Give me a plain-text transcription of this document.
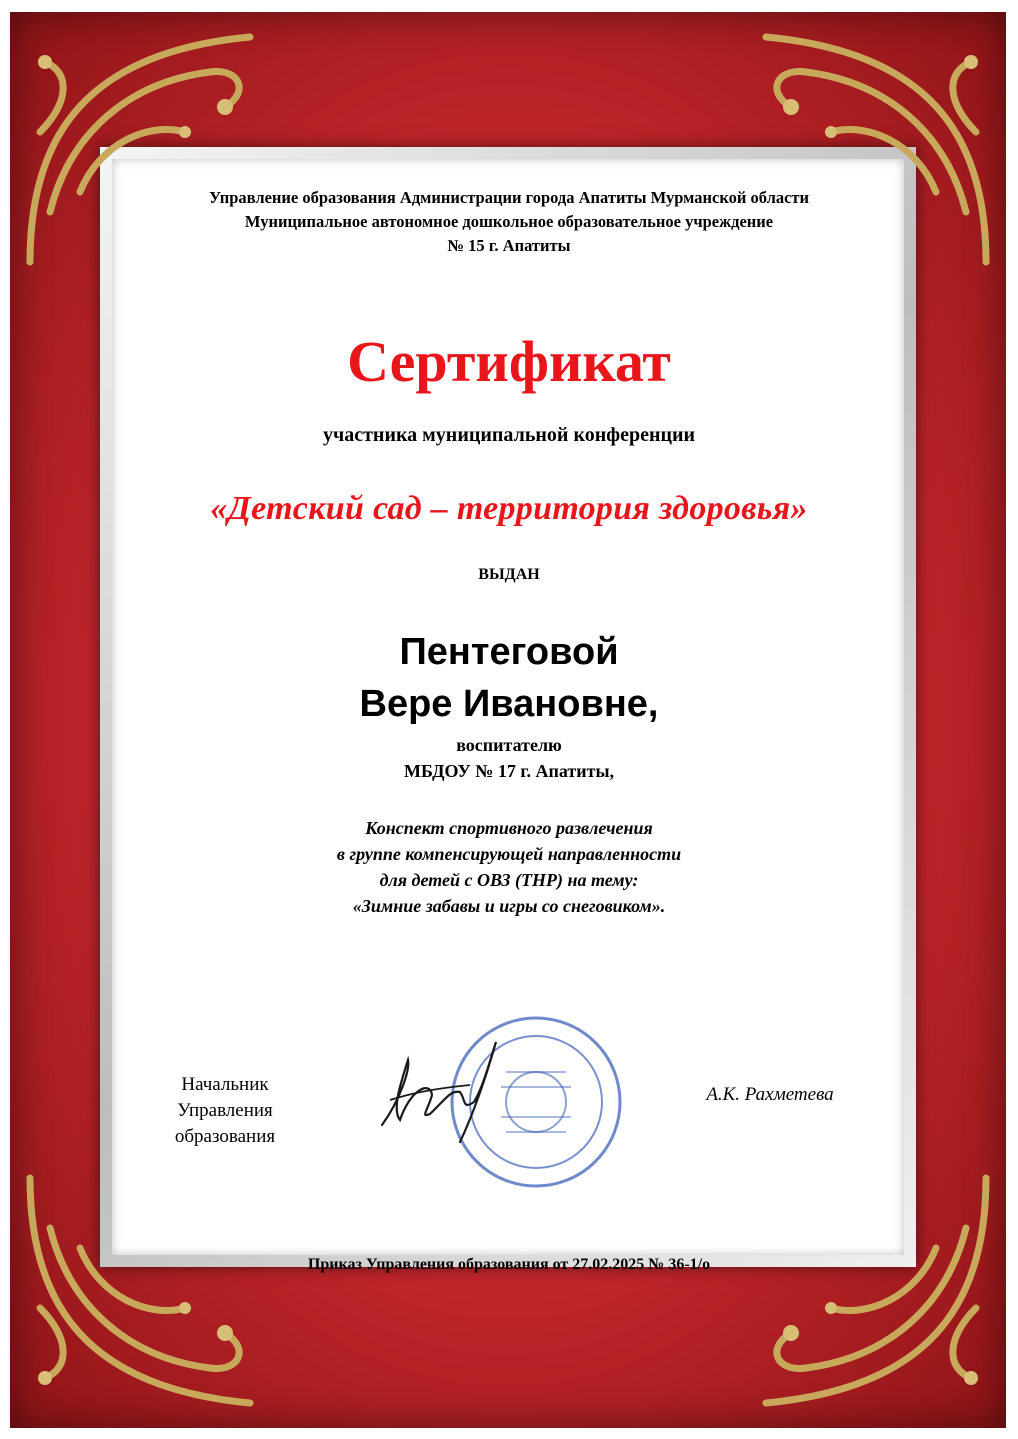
Управление образования Администрации города Апатиты Мурманской области
Муниципальное автономное дошкольное образовательное учреждение
№ 15 г. Апатиты
Сертификат
участника муниципальной конференции
«Детский сад – территория здоровья»
ВЫДАН
Пентеговой
Вере Ивановне,
воспитателю
МБДОУ № 17 г. Апатиты,
Конспект спортивного развлечения
в группе компенсирующей направленности
для детей с ОВЗ (ТНР) на тему:
«Зимние забавы и игры со снеговиком».
Начальник
Управления
образования
А.К. Рахметева
Приказ Управления образования от 27.02.2025 № 36-1/о
